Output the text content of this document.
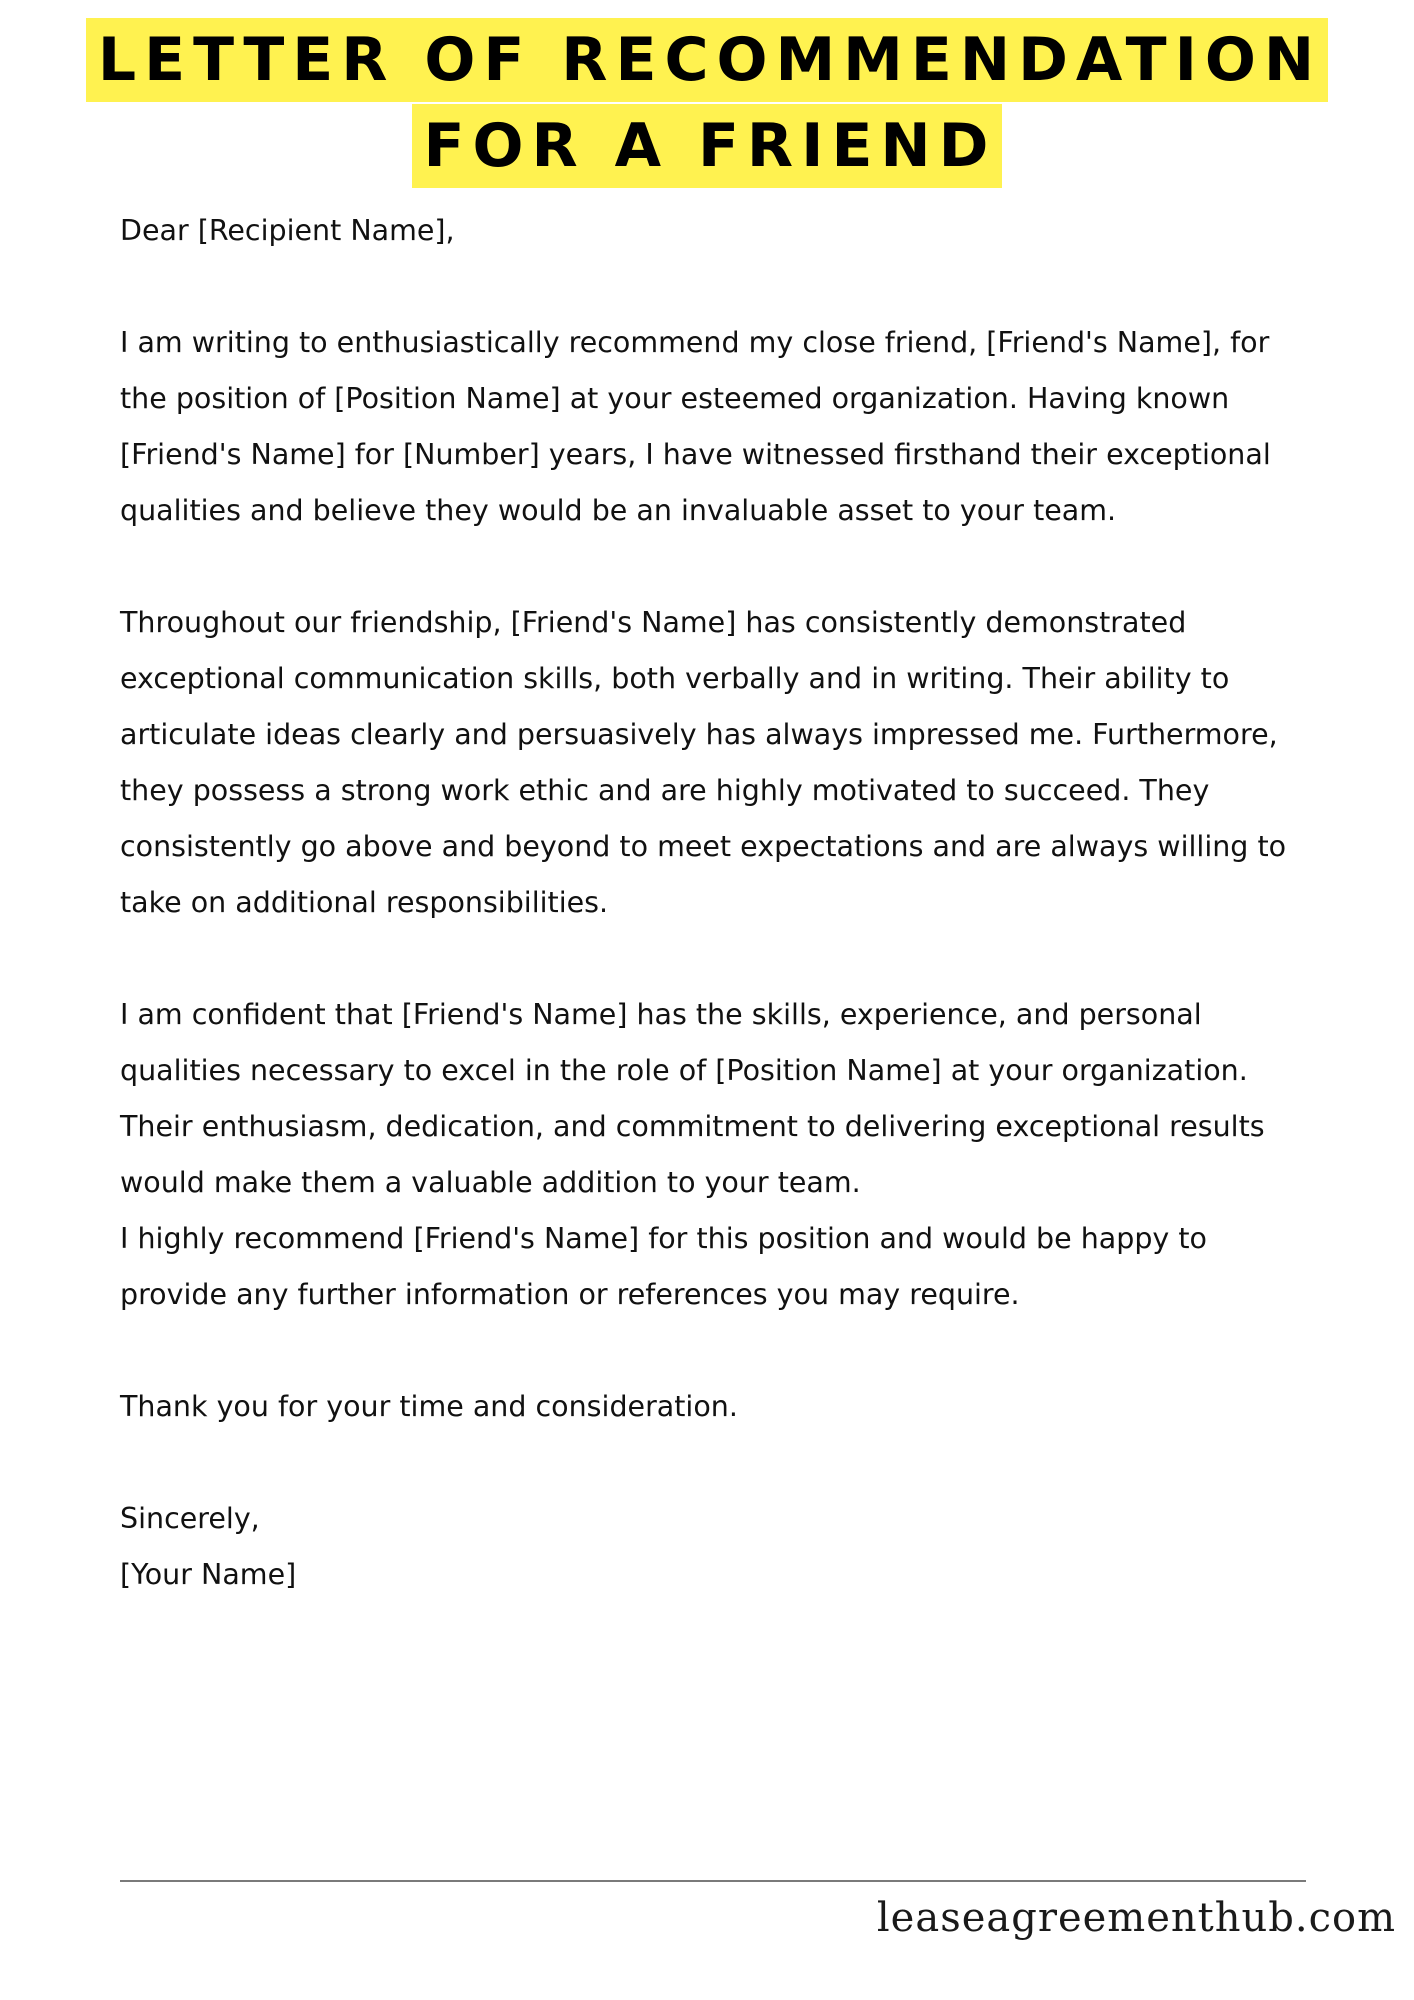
LETTER OF RECOMMENDATION
FOR A FRIEND

Dear [Recipient Name],

I am writing to enthusiastically recommend my close friend, [Friend's Name], for the position of [Position Name] at your esteemed organization. Having known [Friend's Name] for [Number] years, I have witnessed firsthand their exceptional qualities and believe they would be an invaluable asset to your team.

Throughout our friendship, [Friend's Name] has consistently demonstrated exceptional communication skills, both verbally and in writing. Their ability to articulate ideas clearly and persuasively has always impressed me. Furthermore, they possess a strong work ethic and are highly motivated to succeed. They consistently go above and beyond to meet expectations and are always willing to take on additional responsibilities.

I am confident that [Friend's Name] has the skills, experience, and personal qualities necessary to excel in the role of [Position Name] at your organization. Their enthusiasm, dedication, and commitment to delivering exceptional results would make them a valuable addition to your team.

I highly recommend [Friend's Name] for this position and would be happy to provide any further information or references you may require.

Thank you for your time and consideration.

Sincerely,

[Your Name]

leaseagreementhub.com
